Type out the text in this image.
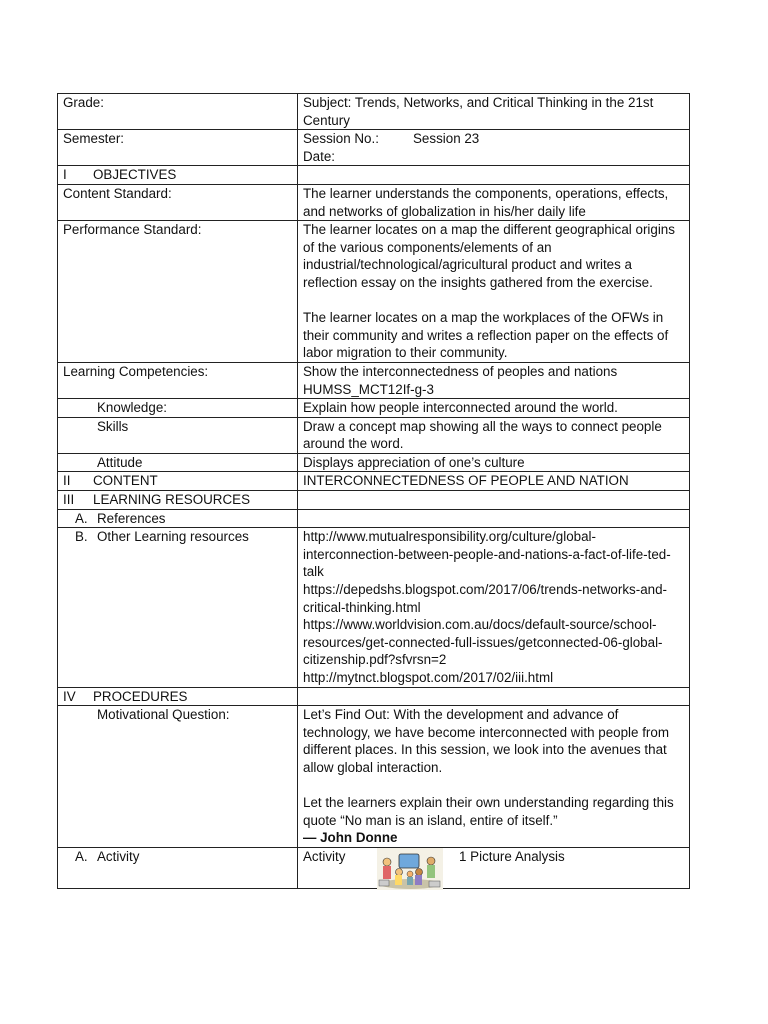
Grade:	Subject: Trends, Networks, and Critical Thinking in the 21st Century
Semester:	Session No.: Session 23
Date:
I OBJECTIVES	
Content Standard:	The learner understands the components, operations, effects, and networks of globalization in his/her daily life
Performance Standard:	The learner locates on a map the different geographical origins of the various components/elements of an industrial/technological/agricultural product and writes a reflection essay on the insights gathered from the exercise.
The learner locates on a map the workplaces of the OFWs in their community and writes a reflection paper on the effects of labor migration to their community.

Learning Competencies:	Show the interconnectedness of peoples and nations HUMSS_MCT12If-g-3

Knowledge:	Explain how people interconnected around the world.

Skills	Draw a concept map showing all the ways to connect people around the word.

Attitude	Displays appreciation of one’s culture
II CONTENT	INTERCONNECTEDNESS OF PEOPLE AND NATION
III LEARNING RESOURCES	

A. References	

B. Other Learning resources	http://www.mutualresponsibility.org/culture/global-interconnection-between-people-and-nations-a-fact-of-life-ted-talk
https://depedshs.blogspot.com/2017/06/trends-networks-and-critical-thinking.html
https://www.worldvision.com.au/docs/default-source/school-resources/get-connected-full-issues/getconnected-06-global-citizenship.pdf?sfvrsn=2
http://mytnct.blogspot.com/2017/02/iii.html

IV PROCEDURES	

Motivational Question:	Let’s Find Out: With the development and advance of technology, we have become interconnected with people from different places. In this session, we look into the avenues that allow global interaction.
Let the learners explain their own understanding regarding this quote “No man is an island, entire of itself.”
— John Donne

A. Activity	Activity 1 Picture Analysis
